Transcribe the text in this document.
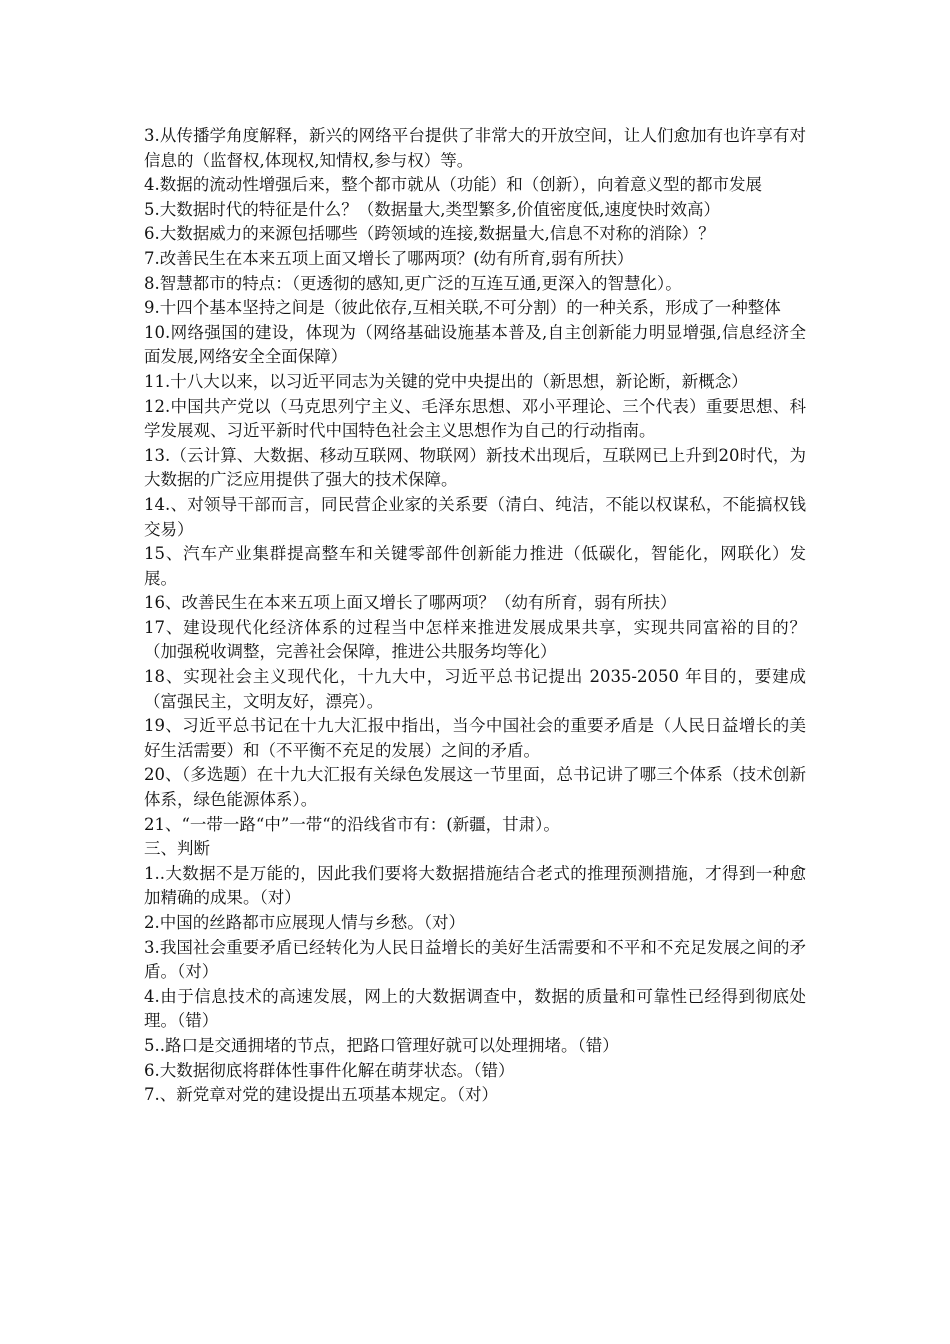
3.从传播学角度解释，新兴的网络平台提供了非常大的开放空间，让人们愈加有也许享有对信息的（监督权,体现权,知情权,参与权）等。

4.数据的流动性增强后来，整个都市就从（功能）和（创新），向着意义型的都市发展

5.大数据时代的特征是什么？（数据量大,类型繁多,价值密度低,速度快时效高）

6.大数据威力的来源包括哪些（跨领域的连接,数据量大,信息不对称的消除）？

7.改善民生在本来五项上面又增长了哪两项？(幼有所育,弱有所扶）

8.智慧都市的特点：（更透彻的感知,更广泛的互连互通,更深入的智慧化）。

9.十四个基本坚持之间是（彼此依存,互相关联,不可分割）的一种关系，形成了一种整体

10.网络强国的建设，体现为（网络基础设施基本普及,自主创新能力明显增强,信息经济全面发展,网络安全全面保障）

11.十八大以来，以习近平同志为关键的党中央提出的（新思想，新论断，新概念）

12.中国共产党以（马克思列宁主义、毛泽东思想、邓小平理论、三个代表）重要思想、科学发展观、习近平新时代中国特色社会主义思想作为自己的行动指南。

13.（云计算、大数据、移动互联网、物联网）新技术出现后，互联网已上升到20时代，为大数据的广泛应用提供了强大的技术保障。

14.、对领导干部而言，同民营企业家的关系要（清白、纯洁，不能以权谋私，不能搞权钱交易）

15、汽车产业集群提高整车和关键零部件创新能力推进（低碳化，智能化，网联化）发展。

16、改善民生在本来五项上面又增长了哪两项？（幼有所育，弱有所扶）

17、建设现代化经济体系的过程当中怎样来推进发展成果共享，实现共同富裕的目的？（加强税收调整，完善社会保障，推进公共服务均等化）

18、实现社会主义现代化，十九大中，习近平总书记提出 2035-2050 年目的，要建成（富强民主，文明友好，漂亮）。

19、习近平总书记在十九大汇报中指出，当今中国社会的重要矛盾是（人民日益增长的美好生活需要）和（不平衡不充足的发展）之间的矛盾。

20、（多选题）在十九大汇报有关绿色发展这一节里面，总书记讲了哪三个体系（技术创新体系，绿色能源体系）。

21、“一带一路“中”一带“的沿线省市有：(新疆，甘肃）。

三、判断

1..大数据不是万能的，因此我们要将大数据措施结合老式的推理预测措施，才得到一种愈加精确的成果。（对）

2.中国的丝路都市应展现人情与乡愁。（对）

3.我国社会重要矛盾已经转化为人民日益增长的美好生活需要和不平和不充足发展之间的矛盾。（对）

4.由于信息技术的高速发展，网上的大数据调查中，数据的质量和可靠性已经得到彻底处理。（错）

5..路口是交通拥堵的节点，把路口管理好就可以处理拥堵。（错）

6.大数据彻底将群体性事件化解在萌芽状态。（错）

7.、新党章对党的建设提出五项基本规定。（对）
